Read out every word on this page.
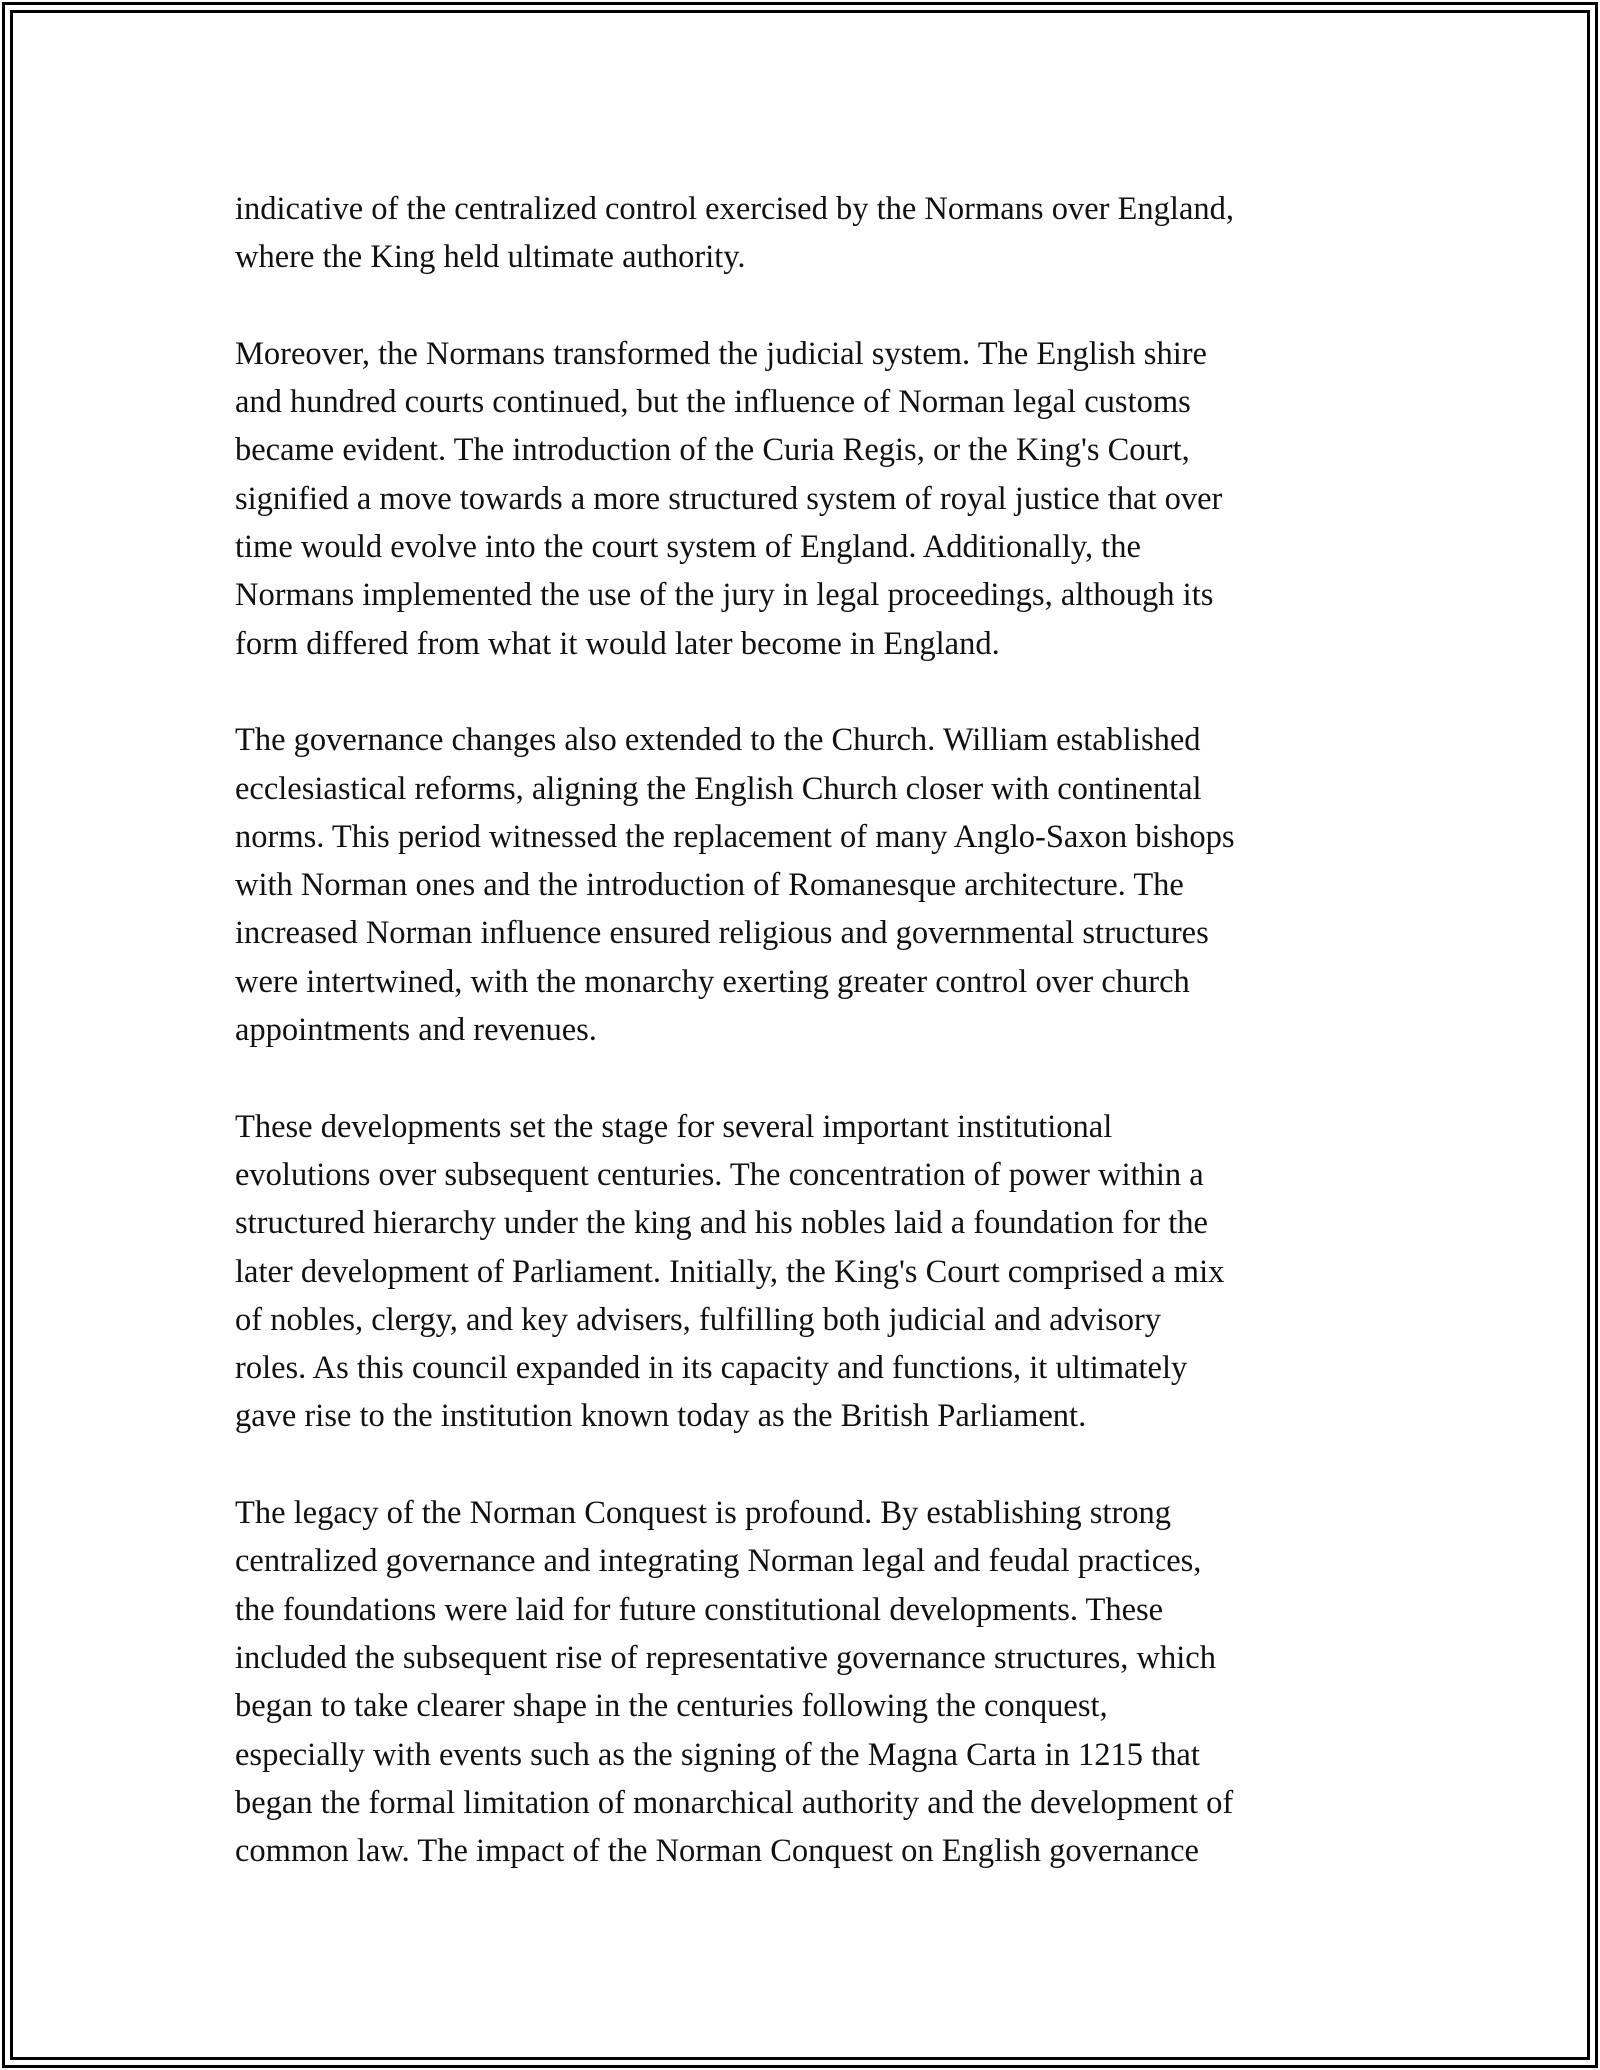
indicative of the centralized control exercised by the Normans over England,
where the King held ultimate authority.

Moreover, the Normans transformed the judicial system. The English shire
and hundred courts continued, but the influence of Norman legal customs
became evident. The introduction of the Curia Regis, or the King's Court,
signified a move towards a more structured system of royal justice that over
time would evolve into the court system of England. Additionally, the
Normans implemented the use of the jury in legal proceedings, although its
form differed from what it would later become in England.

The governance changes also extended to the Church. William established
ecclesiastical reforms, aligning the English Church closer with continental
norms. This period witnessed the replacement of many Anglo-Saxon bishops
with Norman ones and the introduction of Romanesque architecture. The
increased Norman influence ensured religious and governmental structures
were intertwined, with the monarchy exerting greater control over church
appointments and revenues.

These developments set the stage for several important institutional
evolutions over subsequent centuries. The concentration of power within a
structured hierarchy under the king and his nobles laid a foundation for the
later development of Parliament. Initially, the King's Court comprised a mix
of nobles, clergy, and key advisers, fulfilling both judicial and advisory
roles. As this council expanded in its capacity and functions, it ultimately
gave rise to the institution known today as the British Parliament.

The legacy of the Norman Conquest is profound. By establishing strong
centralized governance and integrating Norman legal and feudal practices,
the foundations were laid for future constitutional developments. These
included the subsequent rise of representative governance structures, which
began to take clearer shape in the centuries following the conquest,
especially with events such as the signing of the Magna Carta in 1215 that
began the formal limitation of monarchical authority and the development of
common law. The impact of the Norman Conquest on English governance
